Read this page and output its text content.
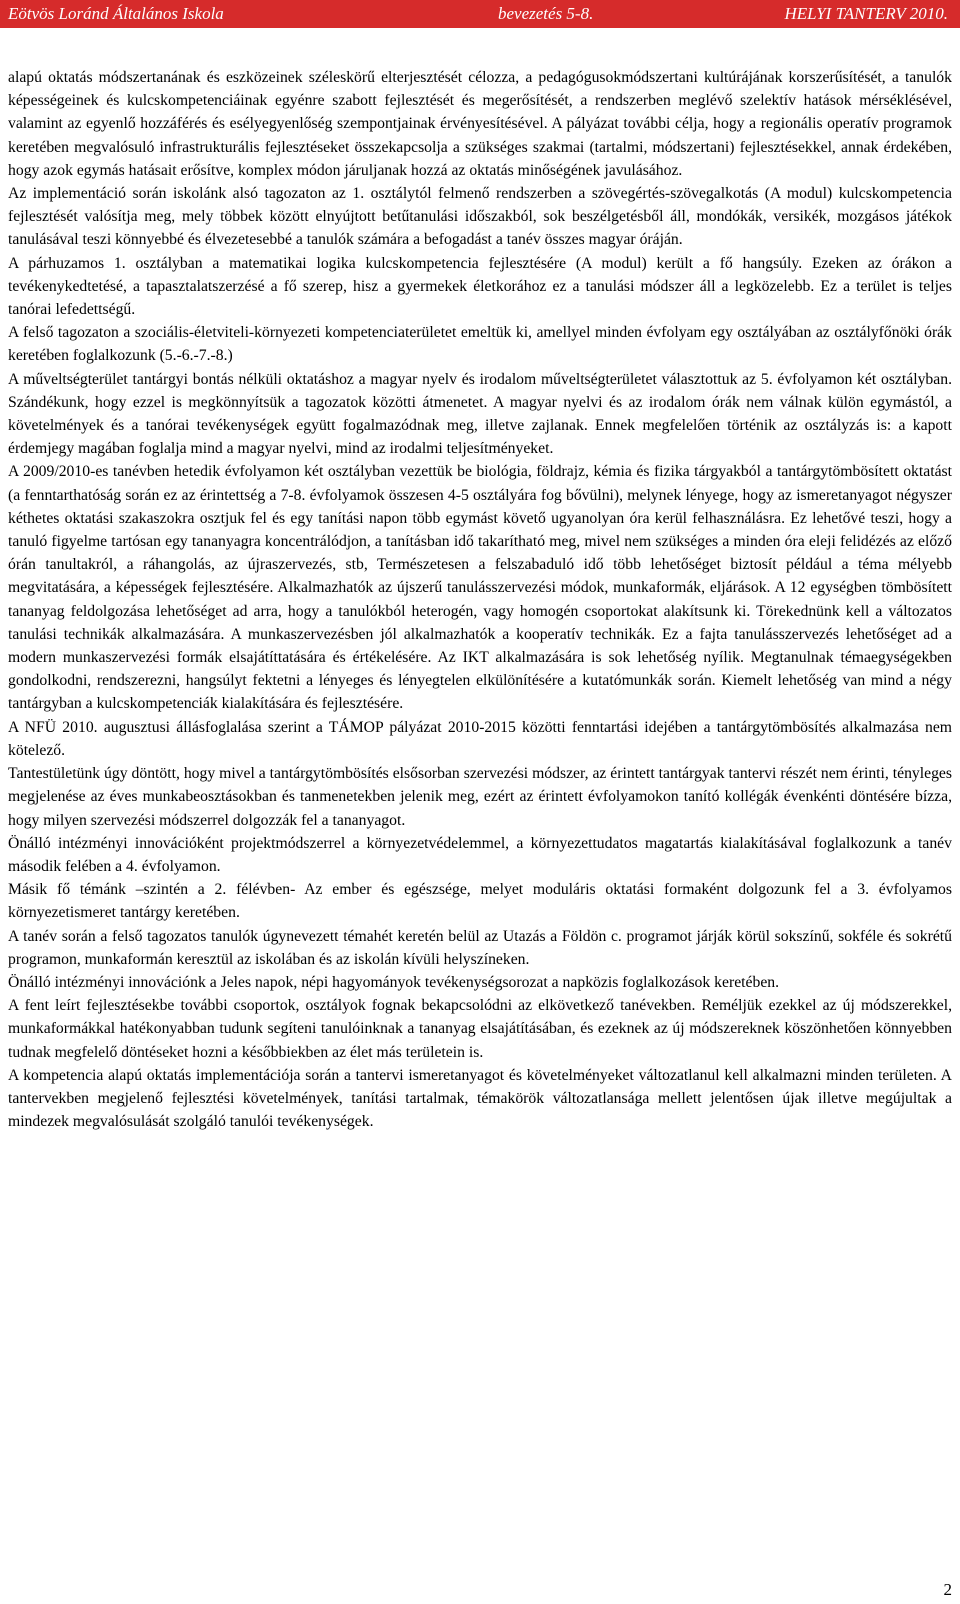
Eötvös Loránd Általános Iskola	bevezetés 5-8.	HELYI TANTERV 2010.

alapú oktatás módszertanának és eszközeinek széleskörű elterjesztését célozza, a pedagógusokmódszertani kultúrájának korszerűsítését, a tanulók képességeinek és kulcskompetenciáinak egyénre szabott fejlesztését és megerősítését, a rendszerben meglévő szelektív hatások mérséklésével, valamint az egyenlő hozzáférés és esélyegyenlőség szempontjainak érvényesítésével. A pályázat további célja, hogy a regionális operatív programok keretében megvalósuló infrastrukturális fejlesztéseket összekapcsolja a szükséges szakmai (tartalmi, módszertani) fejlesztésekkel, annak érdekében, hogy azok egymás hatásait erősítve, komplex módon járuljanak hozzá az oktatás minőségének javulásához.

Az implementáció során iskolánk alsó tagozaton az 1. osztálytól felmenő rendszerben a szövegértés-szövegalkotás (A modul) kulcskompetencia fejlesztését valósítja meg, mely többek között elnyújtott betűtanulási időszakból, sok beszélgetésből áll, mondókák, versikék, mozgásos játékok tanulásával teszi könnyebbé és élvezetesebbé a tanulók számára a befogadást a tanév összes magyar óráján.

A párhuzamos 1. osztályban a matematikai logika kulcskompetencia fejlesztésére (A modul) került a fő hangsúly. Ezeken az órákon a tevékenykedtetésé, a tapasztalatszerzésé a fő szerep, hisz a gyermekek életkorához ez a tanulási módszer áll a legközelebb. Ez a terület is teljes tanórai lefedettségű.

A felső tagozaton a szociális-életviteli-környezeti kompetenciaterületet emeltük ki, amellyel minden évfolyam egy osztályában az osztályfőnöki órák keretében foglalkozunk (5.-6.-7.-8.)

A műveltségterület tantárgyi bontás nélküli oktatáshoz a magyar nyelv és irodalom műveltségterületet választottuk az 5. évfolyamon két osztályban. Szándékunk, hogy ezzel is megkönnyítsük a tagozatok közötti átmenetet. A magyar nyelvi és az irodalom órák nem válnak külön egymástól, a követelmények és a tanórai tevékenységek együtt fogalmazódnak meg, illetve zajlanak. Ennek megfelelően történik az osztályzás is: a kapott érdemjegy magában foglalja mind a magyar nyelvi, mind az irodalmi teljesítményeket.

A 2009/2010-es tanévben hetedik évfolyamon két osztályban vezettük be biológia, földrajz, kémia és fizika tárgyakból a tantárgytömbösített oktatást (a fenntarthatóság során ez az érintettség a 7-8. évfolyamok összesen 4-5 osztályára fog bővülni), melynek lényege, hogy az ismeretanyagot négyszer kéthetes oktatási szakaszokra osztjuk fel és egy tanítási napon több egymást követő ugyanolyan óra kerül felhasználásra. Ez lehetővé teszi, hogy a tanuló figyelme tartósan egy tananyagra koncentrálódjon, a tanításban idő takarítható meg, mivel nem szükséges a minden óra eleji felidézés az előző órán tanultakról, a ráhangolás, az újraszervezés, stb, Természetesen a felszabaduló idő több lehetőséget biztosít például a téma mélyebb megvitatására, a képességek fejlesztésére. Alkalmazhatók az újszerű tanulásszervezési módok, munkaformák, eljárások. A 12 egységben tömbösített tananyag feldolgozása lehetőséget ad arra, hogy a tanulókból heterogén, vagy homogén csoportokat alakítsunk ki. Törekednünk kell a változatos tanulási technikák alkalmazására. A munkaszervezésben jól alkalmazhatók a kooperatív technikák. Ez a fajta tanulásszervezés lehetőséget ad a modern munkaszervezési formák elsajátíttatására és értékelésére. Az IKT alkalmazására is sok lehetőség nyílik. Megtanulnak témaegységekben gondolkodni, rendszerezni, hangsúlyt fektetni a lényeges és lényegtelen elkülönítésére a kutatómunkák során. Kiemelt lehetőség van mind a négy tantárgyban a kulcskompetenciák kialakítására és fejlesztésére.

A NFÜ 2010. augusztusi állásfoglalása szerint a TÁMOP pályázat 2010-2015 közötti fenntartási idejében a tantárgytömbösítés alkalmazása nem kötelező.

Tantestületünk úgy döntött, hogy mivel a tantárgytömbösítés elsősorban szervezési módszer, az érintett tantárgyak tantervi részét nem érinti, tényleges megjelenése az éves munkabeosztásokban és tanmenetekben jelenik meg, ezért az érintett évfolyamokon tanító kollégák évenkénti döntésére bízza, hogy milyen szervezési módszerrel dolgozzák fel a tananyagot.

Önálló intézményi innovációként projektmódszerrel a környezetvédelemmel, a környezettudatos magatartás kialakításával foglalkozunk a tanév második felében a 4. évfolyamon.

Másik fő témánk –szintén a 2. félévben- Az ember és egészsége, melyet moduláris oktatási formaként dolgozunk fel a 3. évfolyamos környezetismeret tantárgy keretében.

A tanév során a felső tagozatos tanulók úgynevezett témahét keretén belül az Utazás a Földön c. programot járják körül sokszínű, sokféle és sokrétű programon, munkaformán keresztül az iskolában és az iskolán kívüli helyszíneken.

Önálló intézményi innovációnk a Jeles napok, népi hagyományok tevékenységsorozat a napközis foglalkozások keretében.

A fent leírt fejlesztésekbe további csoportok, osztályok fognak bekapcsolódni az elkövetkező tanévekben. Reméljük ezekkel az új módszerekkel, munkaformákkal hatékonyabban tudunk segíteni tanulóinknak a tananyag elsajátításában, és ezeknek az új módszereknek köszönhetően könnyebben tudnak megfelelő döntéseket hozni a későbbiekben az élet más területein is.

A kompetencia alapú oktatás implementációja során a tantervi ismeretanyagot és követelményeket változatlanul kell alkalmazni minden területen. A tantervekben megjelenő fejlesztési követelmények, tanítási tartalmak, témakörök változatlansága mellett jelentősen újak illetve megújultak a mindezek megvalósulását szolgáló tanulói tevékenységek.

2
